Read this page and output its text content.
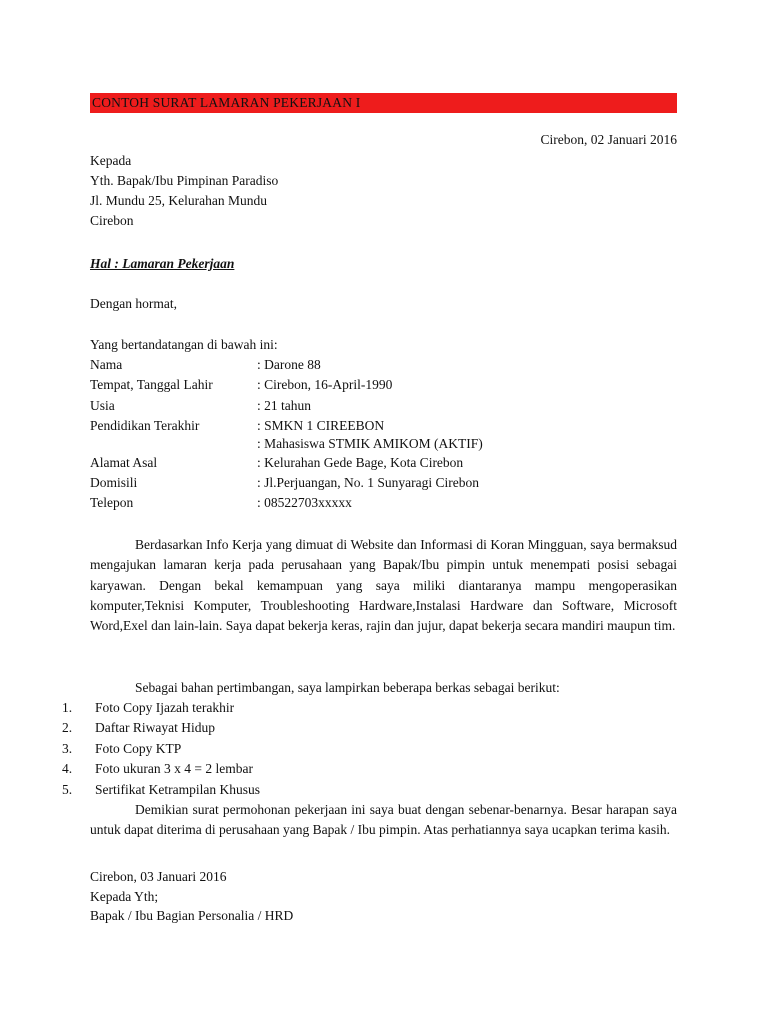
CONTOH SURAT LAMARAN PEKERJAAN I
Cirebon, 02 Januari 2016
Kepada
Yth. Bapak/Ibu Pimpinan Paradiso
Jl. Mundu 25, Kelurahan Mundu
Cirebon
Hal : Lamaran Pekerjaan
Dengan hormat,
Yang bertandatangan di bawah ini:
Nama	: Darone 88
Tempat, Tanggal Lahir	: Cirebon, 16-April-1990
Usia	: 21 tahun
Pendidikan Terakhir	: SMKN 1 CIREEBON
: Mahasiswa STMIK AMIKOM (AKTIF)
Alamat Asal	: Kelurahan Gede Bage, Kota Cirebon
Domisili	: Jl.Perjuangan, No. 1 Sunyaragi Cirebon
Telepon	: 08522703xxxxx
Berdasarkan Info Kerja yang dimuat di Website dan Informasi di Koran Mingguan, saya bermaksud mengajukan lamaran kerja pada perusahaan yang Bapak/Ibu pimpin untuk menempati posisi sebagai karyawan. Dengan bekal kemampuan yang saya miliki diantaranya mampu mengoperasikan komputer,Teknisi Komputer, Troubleshooting Hardware,Instalasi Hardware dan Software, Microsoft Word,Exel dan lain-lain. Saya dapat bekerja keras, rajin dan jujur, dapat bekerja secara mandiri maupun tim.
Sebagai bahan pertimbangan, saya lampirkan beberapa berkas sebagai berikut:
1. Foto Copy Ijazah terakhir
2. Daftar Riwayat Hidup
3. Foto Copy KTP
4. Foto ukuran 3 x 4 = 2 lembar
5. Sertifikat Ketrampilan Khusus
Demikian surat permohonan pekerjaan ini saya buat dengan sebenar-benarnya. Besar harapan saya untuk dapat diterima di perusahaan yang Bapak / Ibu pimpin. Atas perhatiannya saya ucapkan terima kasih.
Cirebon, 03 Januari 2016
Kepada Yth;
Bapak / Ibu Bagian Personalia / HRD
